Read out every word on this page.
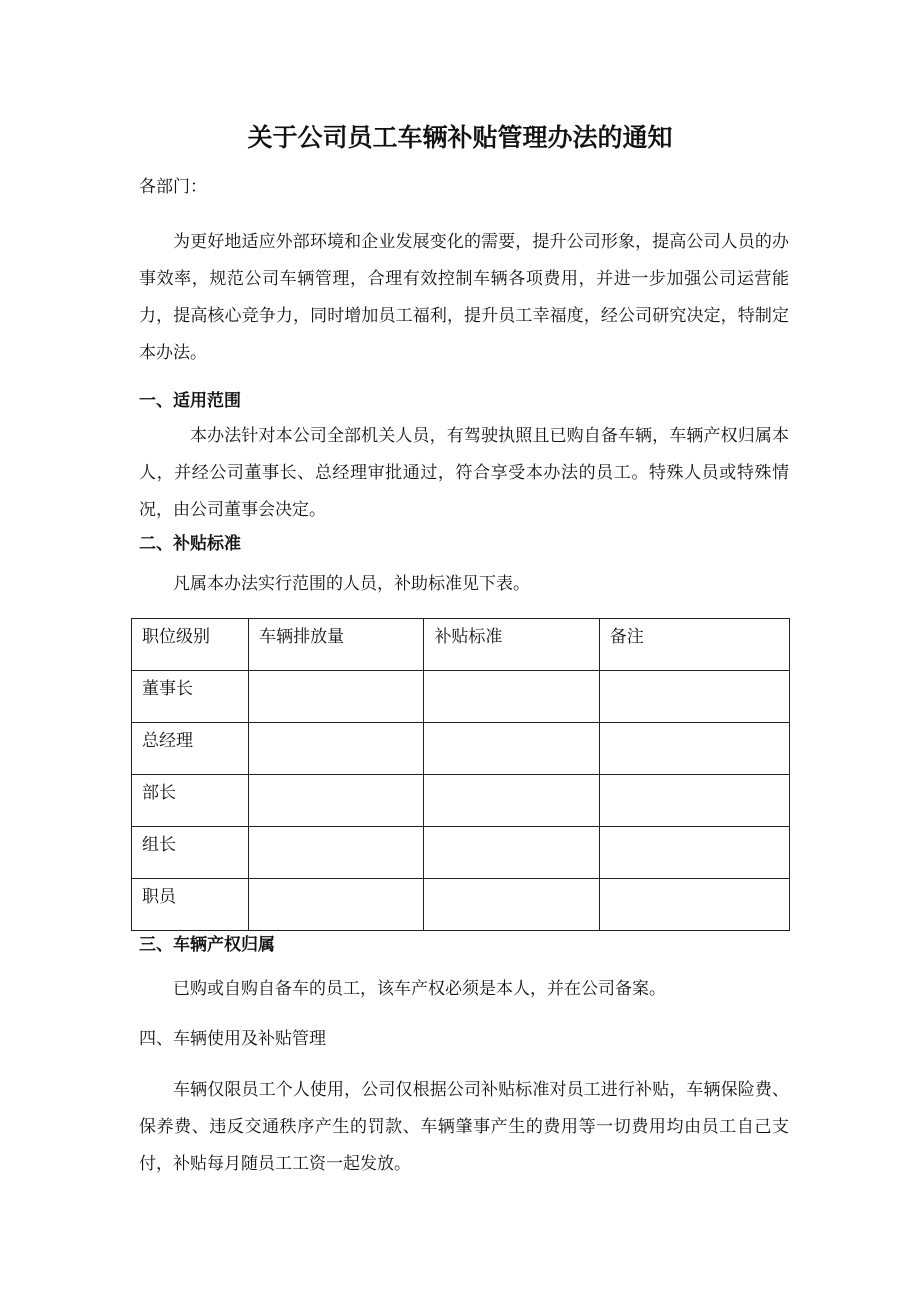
关于公司员工车辆补贴管理办法的通知

各部门：

为更好地适应外部环境和企业发展变化的需要，提升公司形象，提高公司人员的办事效率，规范公司车辆管理，合理有效控制车辆各项费用，并进一步加强公司运营能力，提高核心竞争力，同时增加员工福利，提升员工幸福度，经公司研究决定，特制定本办法。

一、适用范围

本办法针对本公司全部机关人员，有驾驶执照且已购自备车辆，车辆产权归属本人，并经公司董事长、总经理审批通过，符合享受本办法的员工。特殊人员或特殊情况，由公司董事会决定。

二、补贴标准

凡属本办法实行范围的人员，补助标准见下表。

职位级别	车辆排放量	补贴标准	备注
董事长			
总经理			
部长			
组长			
职员			

三、车辆产权归属

已购或自购自备车的员工，该车产权必须是本人，并在公司备案。

四、车辆使用及补贴管理

车辆仅限员工个人使用，公司仅根据公司补贴标准对员工进行补贴，车辆保险费、保养费、违反交通秩序产生的罚款、车辆肇事产生的费用等一切费用均由员工自己支付，补贴每月随员工工资一起发放。
